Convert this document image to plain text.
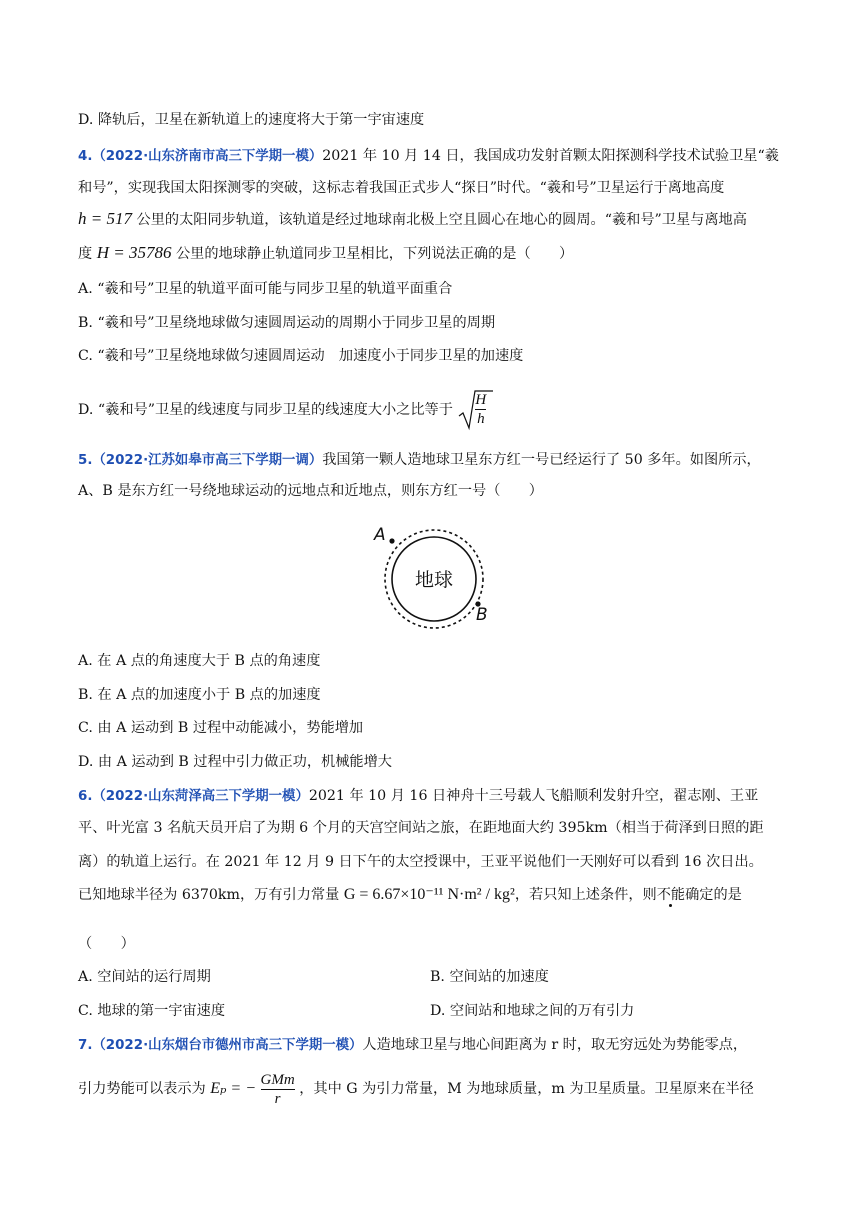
D. 降轨后，卫星在新轨道上的速度将大于第一宇宙速度
4.（2022·山东济南市高三下学期一模）2021 年 10 月 14 日，我国成功发射首颗太阳探测科学技术试验卫星“羲
和号”，实现我国太阳探测零的突破，这标志着我国正式步人“探日”时代。“羲和号”卫星运行于离地高度
h = 517 公里的太阳同步轨道，该轨道是经过地球南北极上空且圆心在地心的圆周。“羲和号”卫星与离地高
度 H = 35786 公里的地球静止轨道同步卫星相比，下列说法正确的是（　　）
A. “羲和号”卫星的轨道平面可能与同步卫星的轨道平面重合
B. “羲和号”卫星绕地球做匀速圆周运动的周期小于同步卫星的周期
C. “羲和号”卫星绕地球做匀速圆周运动　加速度小于同步卫星的加速度
D. “羲和号”卫星的线速度与同步卫星的线速度大小之比等于
H
h
5.（2022·江苏如皋市高三下学期一调）我国第一颗人造地球卫星东方红一号已经运行了 50 多年。如图所示，
A、B 是东方红一号绕地球运动的远地点和近地点，则东方红一号（　　）
地球
A
B
A. 在 A 点的角速度大于 B 点的角速度
B. 在 A 点的加速度小于 B 点的加速度
C. 由 A 运动到 B 过程中动能减小，势能增加
D. 由 A 运动到 B 过程中引力做正功，机械能增大
6.（2022·山东菏泽高三下学期一模）2021 年 10 月 16 日神舟十三号载人飞船顺利发射升空，翟志刚、王亚
平、叶光富 3 名航天员开启了为期 6 个月的天宫空间站之旅，在距地面大约 395km（相当于荷泽到日照的距
离）的轨道上运行。在 2021 年 12 月 9 日下午的太空授课中，王亚平说他们一天刚好可以看到 16 次日出。
已知地球半径为 6370km，万有引力常量 G = 6.67×10⁻¹¹ N·m² / kg²，若只知上述条件，则不能确定的是
（　　）
A. 空间站的运行周期	B. 空间站的加速度
C. 地球的第一宇宙速度	D. 空间站和地球之间的万有引力
7.（2022·山东烟台市德州市高三下学期一模）人造地球卫星与地心间距离为 r 时，取无穷远处为势能零点，
引力势能可以表示为 Eₚ = − $\frac{\text{GMm}}{r}$ ，其中 G 为引力常量，M 为地球质量，m 为卫星质量。卫星原来在半径
